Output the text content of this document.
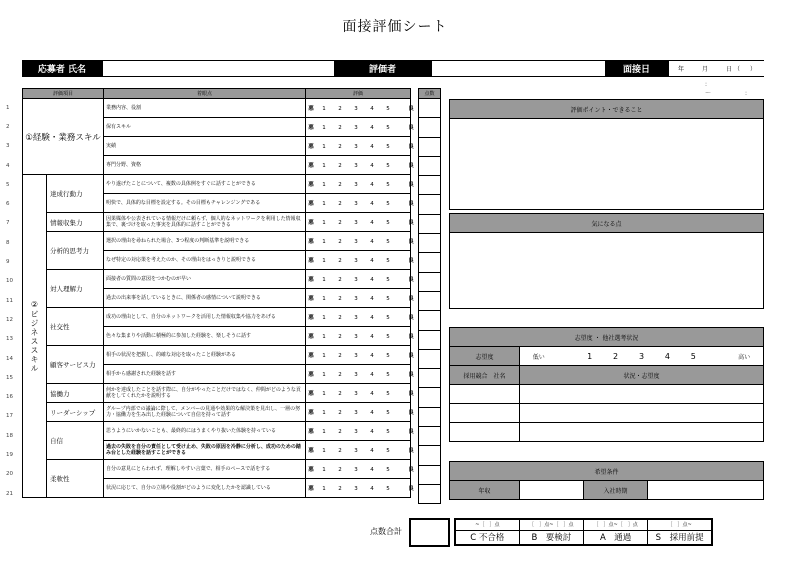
面接評価シート
応募者 氏名	評価者	面接日	年　　月　　日（　）
:　～　:
1
2
3
4
5
6
7
8
9
10
11
12
13
14
15
16
17
18
19
20
21
評価項目		着眼点	評価
①経験・業務スキル		業務内容、役割	悪 1 2 3 4 5 良
		保有スキル	悪 1 2 3 4 5 良
		実績	悪 1 2 3 4 5 良
		専門分野、資格	悪 1 2 3 4 5 良
②ビジネススキル	達成行動力	やり遂げたことについて、複数の具体例をすぐに話すことができる	悪 1 2 3 4 5 良
		明快で、具体的な目標を設定する。その目標もチャレンジングである	悪 1 2 3 4 5 良
	情報収集力	因果媒体や公表されている情報だけに頼らず、個人的なネットワークを利用した情報収集で、裏づけを取った事実を具体的に話すことができる	悪 1 2 3 4 5 良
	分析的思考力	選択の理由を尋ねられた場合、3つ程度の判断基準を説明できる	悪 1 2 3 4 5 良
		なぜ特定の対応策を考えたのか、その理由をはっきりと説明できる	悪 1 2 3 4 5 良
	対人理解力	面接者の質問の意図をつかむのが早い	悪 1 2 3 4 5 良
		過去の出来事を話しているときに、関係者の感情について説明できる	悪 1 2 3 4 5 良
	社交性	成功の理由として、自分のネットワークを活用した情報収集や協力をあげる	悪 1 2 3 4 5 良
		色々な集まりや活動に積極的に参加した経験を、楽しそうに話す	悪 1 2 3 4 5 良
	顧客サービス力	相手の状況を把握し、的確な対応を取ったこと経験がある	悪 1 2 3 4 5 良
		相手から感謝された経験を話す	悪 1 2 3 4 5 良
	協働力	何かを達成したことを話す際に、自分がやったことだけではなく、仲間がどのような貢献をしてくれたかを説明する	悪 1 2 3 4 5 良
	リーダーシップ	グループ内部での議論に際して、メンバーの見通や効果的な解決策を見出し、一層の努力・協働力を生み出した経験について自信を持って話す	悪 1 2 3 4 5 良
	自信	思うようにいかないことも、最終的にはうまくやり抜いた体験を持っている	悪 1 2 3 4 5 良
		過去の失敗を自分の責任として受け止め、失敗の原因を冷静に分析し、成功のための踏み台とした経験を話すことができる	悪 1 2 3 4 5 良
	柔軟性	自分の意見にとらわれず、理解しやすい言葉で、相手のペースで話をする	悪 1 2 3 4 5 良
		状況に応じて、自分の立場や役割がどのように変化したかを認識している	悪 1 2 3 4 5 良
点数
評価ポイント・できること
気になる点
志望度 ・ 他社選考状況	
志望度	低い 1 2 3 4 5 高い
採用競合　社名	状況・志望度

希望条件
年収		入社時期	
点数合計
~［　］点	［　］点~［　］点	［　］点~［　］点	［　］点~
C 不合格	B　要検討	A　通過	S　採用前提
